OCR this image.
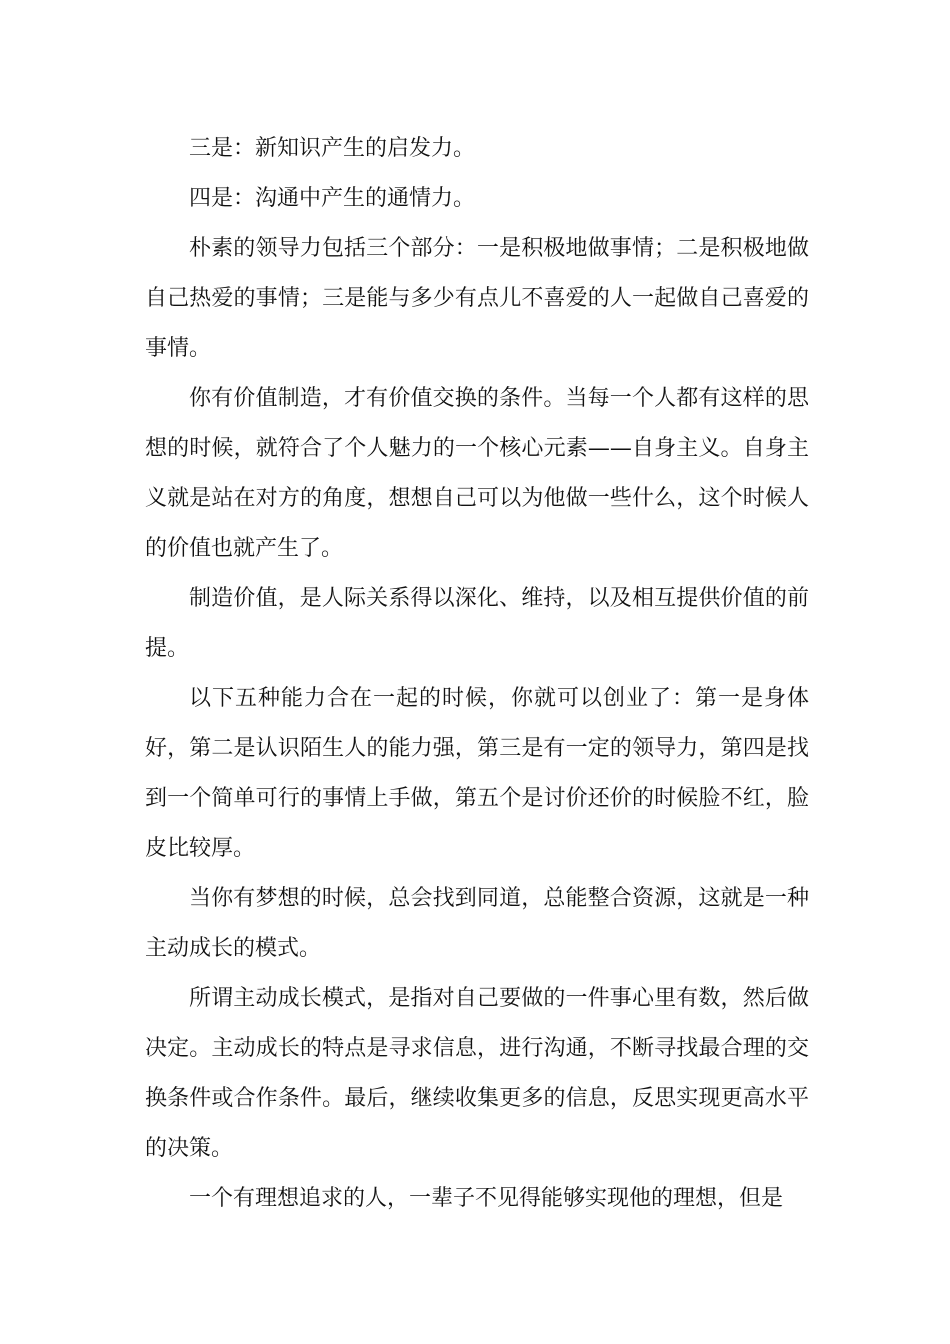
三是：新知识产生的启发力。

四是：沟通中产生的通情力。

朴素的领导力包括三个部分：一是积极地做事情；二是积极地做自己热爱的事情；三是能与多少有点儿不喜爱的人一起做自己喜爱的事情。

你有价值制造，才有价值交换的条件。当每一个人都有这样的思想的时候，就符合了个人魅力的一个核心元素——自身主义。自身主义就是站在对方的角度，想想自己可以为他做一些什么，这个时候人的价值也就产生了。

制造价值，是人际关系得以深化、维持，以及相互提供价值的前提。

以下五种能力合在一起的时候，你就可以创业了：第一是身体好，第二是认识陌生人的能力强，第三是有一定的领导力，第四是找到一个简单可行的事情上手做，第五个是讨价还价的时候脸不红，脸皮比较厚。

当你有梦想的时候，总会找到同道，总能整合资源，这就是一种主动成长的模式。

所谓主动成长模式，是指对自己要做的一件事心里有数，然后做决定。主动成长的特点是寻求信息，进行沟通，不断寻找最合理的交换条件或合作条件。最后，继续收集更多的信息，反思实现更高水平的决策。

一个有理想追求的人，一辈子不见得能够实现他的理想，但是
